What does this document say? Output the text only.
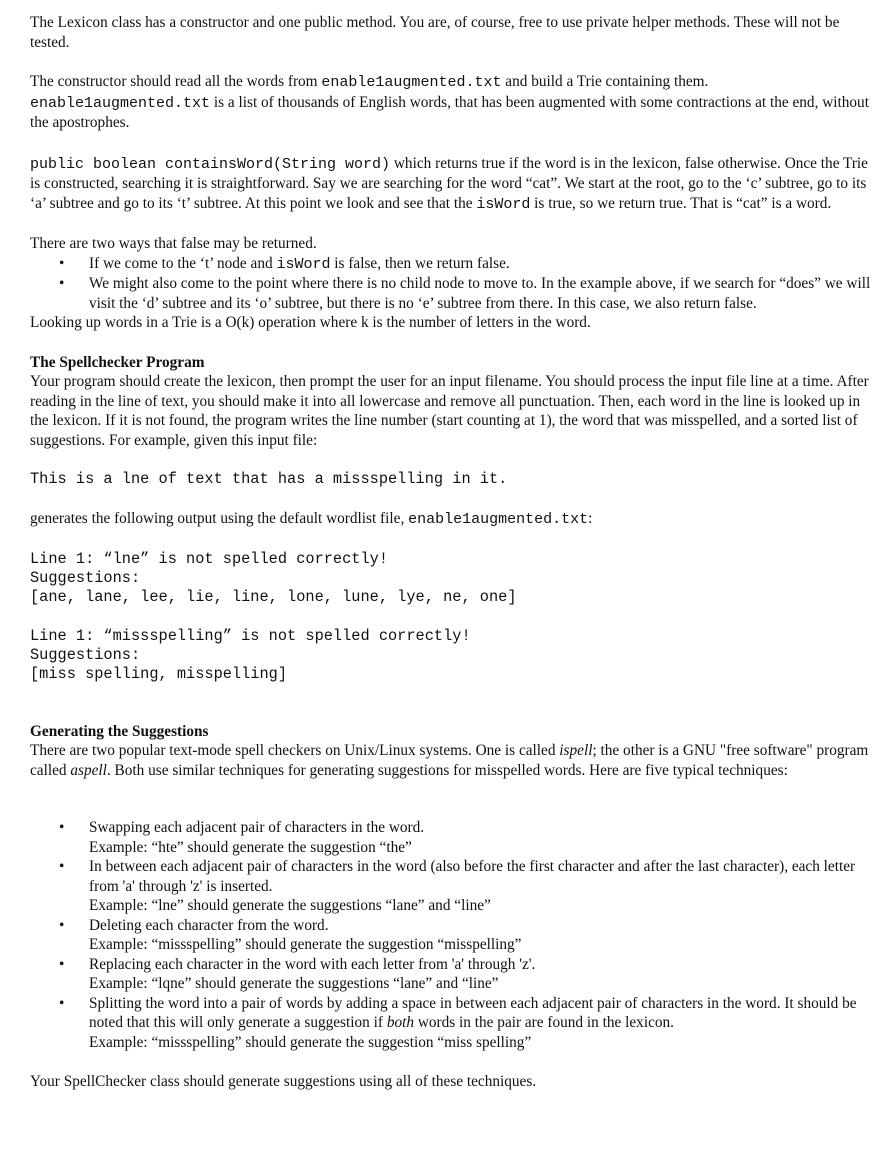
The Lexicon class has a constructor and one public method. You are, of course, free to use private helper methods. These will not be tested.

The constructor should read all the words from enable1augmented.txt and build a Trie containing them. enable1augmented.txt is a list of thousands of English words, that has been augmented with some contractions at the end, without the apostrophes.

public boolean containsWord(String word) which returns true if the word is in the lexicon, false otherwise. Once the Trie is constructed, searching it is straightforward. Say we are searching for the word “cat”. We start at the root, go to the ‘c’ subtree, go to its ‘a’ subtree and go to its ‘t’ subtree. At this point we look and see that the isWord is true, so we return true. That is “cat” is a word.

There are two ways that false may be returned.

• If we come to the ‘t’ node and isWord is false, then we return false.
• We might also come to the point where there is no child node to move to. In the example above, if we search for “does” we will visit the ‘d’ subtree and its ‘o’ subtree, but there is no ‘e’ subtree from there. In this case, we also return false.

Looking up words in a Trie is a O(k) operation where k is the number of letters in the word.

The Spellchecker Program

Your program should create the lexicon, then prompt the user for an input filename. You should process the input file line at a time. After reading in the line of text, you should make it into all lowercase and remove all punctuation. Then, each word in the line is looked up in the lexicon. If it is not found, the program writes the line number (start counting at 1), the word that was misspelled, and a sorted list of suggestions. For example, given this input file:

This is a lne of text that has a missspelling in it.

generates the following output using the default wordlist file, enable1augmented.txt:

Line 1: “lne” is not spelled correctly!
Suggestions:
[ane, lane, lee, lie, line, lone, lune, lye, ne, one]
Line 1: “missspelling” is not spelled correctly!
Suggestions:
[miss spelling, misspelling]

Generating the Suggestions

There are two popular text-mode spell checkers on Unix/Linux systems. One is called ispell; the other is a GNU "free software" program called aspell. Both use similar techniques for generating suggestions for misspelled words. Here are five typical techniques:

• Swapping each adjacent pair of characters in the word.
Example: “hte” should generate the suggestion “the”
• In between each adjacent pair of characters in the word (also before the first character and after the last character), each letter from 'a' through 'z' is inserted.
Example: “lne” should generate the suggestions “lane” and “line”
• Deleting each character from the word.
Example: “missspelling” should generate the suggestion “misspelling”
• Replacing each character in the word with each letter from 'a' through 'z'.
Example: “lqne” should generate the suggestions “lane” and “line”
• Splitting the word into a pair of words by adding a space in between each adjacent pair of characters in the word. It should be noted that this will only generate a suggestion if both words in the pair are found in the lexicon.
Example: “missspelling” should generate the suggestion “miss spelling”

Your SpellChecker class should generate suggestions using all of these techniques.
